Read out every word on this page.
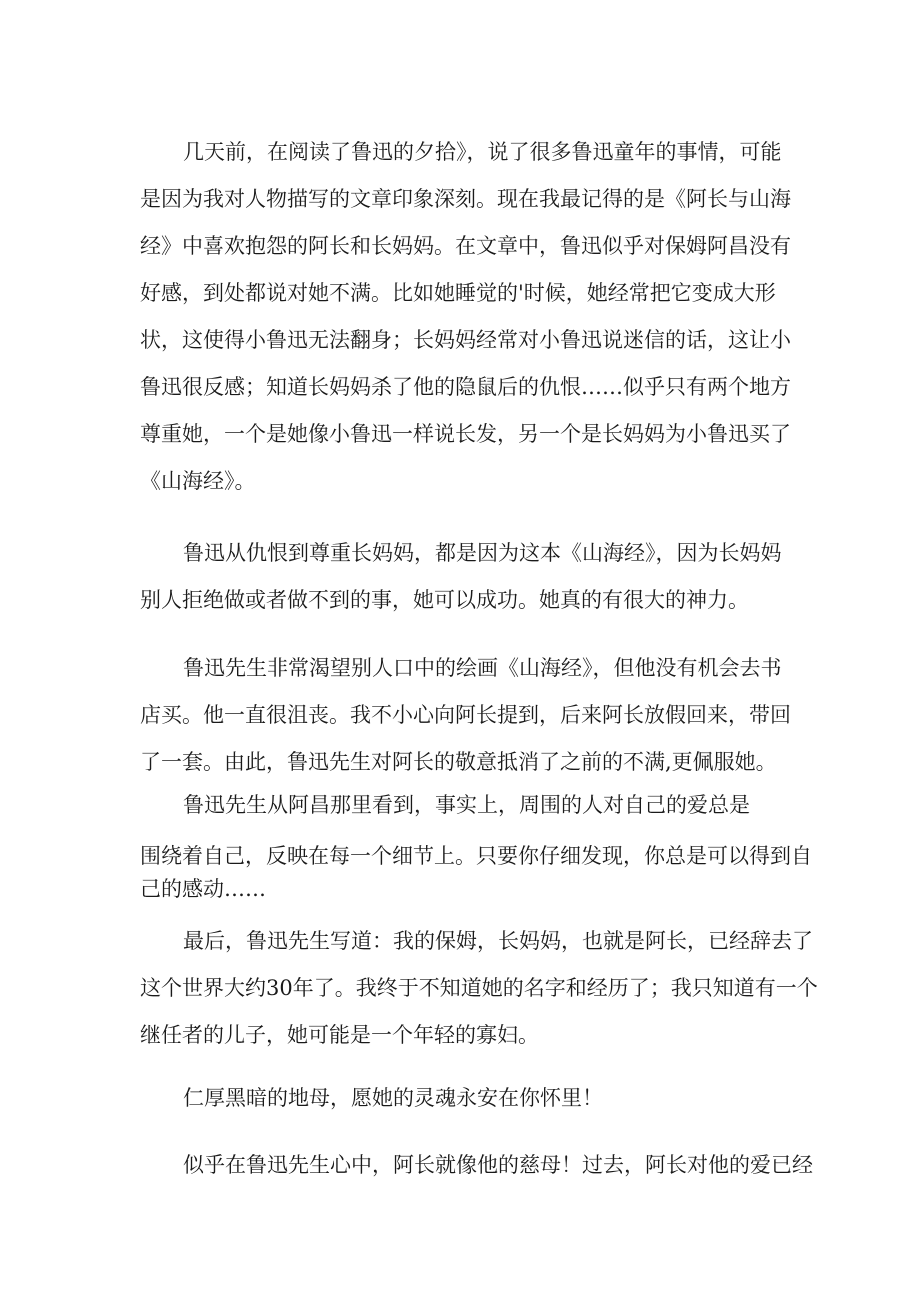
几天前，在阅读了鲁迅的夕拾》，说了很多鲁迅童年的事情，可能
是因为我对人物描写的文章印象深刻。现在我最记得的是《阿长与山海
经》中喜欢抱怨的阿长和长妈妈。在文章中，鲁迅似乎对保姆阿昌没有
好感，到处都说对她不满。比如她睡觉的'时候，她经常把它变成大形
状，这使得小鲁迅无法翻身；长妈妈经常对小鲁迅说迷信的话，这让小
鲁迅很反感；知道长妈妈杀了他的隐鼠后的仇恨……似乎只有两个地方
尊重她，一个是她像小鲁迅一样说长发，另一个是长妈妈为小鲁迅买了
《山海经》。
鲁迅从仇恨到尊重长妈妈，都是因为这本《山海经》，因为长妈妈
别人拒绝做或者做不到的事，她可以成功。她真的有很大的神力。
鲁迅先生非常渴望别人口中的绘画《山海经》，但他没有机会去书
店买。他一直很沮丧。我不小心向阿长提到，后来阿长放假回来，带回
了一套。由此，鲁迅先生对阿长的敬意抵消了之前的不满,更佩服她。
鲁迅先生从阿昌那里看到，事实上，周围的人对自己的爱总是
围绕着自己，反映在每一个细节上。只要你仔细发现，你总是可以得到自
己的感动……
最后，鲁迅先生写道：我的保姆，长妈妈，也就是阿长，已经辞去了
这个世界大约30年了。我终于不知道她的名字和经历了；我只知道有一个
继任者的儿子，她可能是一个年轻的寡妇。
仁厚黑暗的地母，愿她的灵魂永安在你怀里！
似乎在鲁迅先生心中，阿长就像他的慈母！过去，阿长对他的爱已经
